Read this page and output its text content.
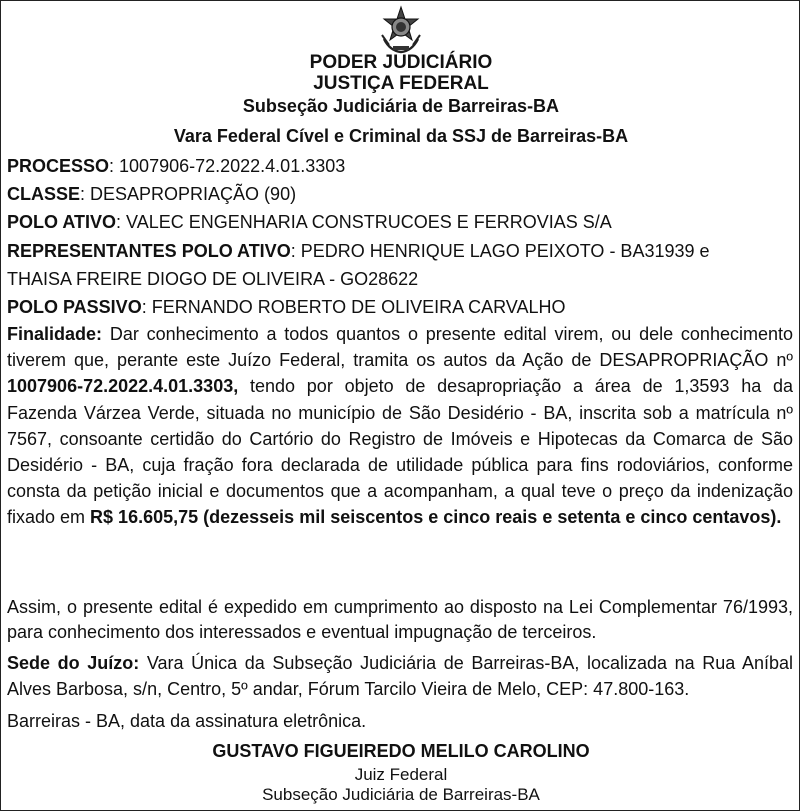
PODER JUDICIÁRIO
JUSTIÇA FEDERAL
Subseção Judiciária de Barreiras-BA
Vara Federal Cível e Criminal da SSJ de Barreiras-BA
PROCESSO: 1007906-72.2022.4.01.3303
CLASSE: DESAPROPRIAÇÃO (90)
POLO ATIVO: VALEC ENGENHARIA CONSTRUCOES E FERROVIAS S/A
REPRESENTANTES POLO ATIVO: PEDRO HENRIQUE LAGO PEIXOTO - BA31939 e
THAISA FREIRE DIOGO DE OLIVEIRA - GO28622
POLO PASSIVO: FERNANDO ROBERTO DE OLIVEIRA CARVALHO
Finalidade: Dar conhecimento a todos quantos o presente edital virem, ou dele conhecimento tiverem que, perante este Juízo Federal, tramita os autos da Ação de DESAPROPRIAÇÃO nº 1007906-72.2022.4.01.3303, tendo por objeto de desapropriação a área de 1,3593 ha da Fazenda Várzea Verde, situada no município de São Desidério - BA, inscrita sob a matrícula nº 7567, consoante certidão do Cartório do Registro de Imóveis e Hipotecas da Comarca de São Desidério - BA, cuja fração fora declarada de utilidade pública para fins rodoviários, conforme consta da petição inicial e documentos que a acompanham, a qual teve o preço da indenização fixado em R$ 16.605,75 (dezesseis mil seiscentos e cinco reais e setenta e cinco centavos).
Assim, o presente edital é expedido em cumprimento ao disposto na Lei Complementar 76/1993, para conhecimento dos interessados e eventual impugnação de terceiros.
Sede do Juízo: Vara Única da Subseção Judiciária de Barreiras-BA, localizada na Rua Aníbal Alves Barbosa, s/n, Centro, 5º andar, Fórum Tarcilo Vieira de Melo, CEP: 47.800-163.
Barreiras - BA, data da assinatura eletrônica.
GUSTAVO FIGUEIREDO MELILO CAROLINO
Juiz Federal
Subseção Judiciária de Barreiras-BA
